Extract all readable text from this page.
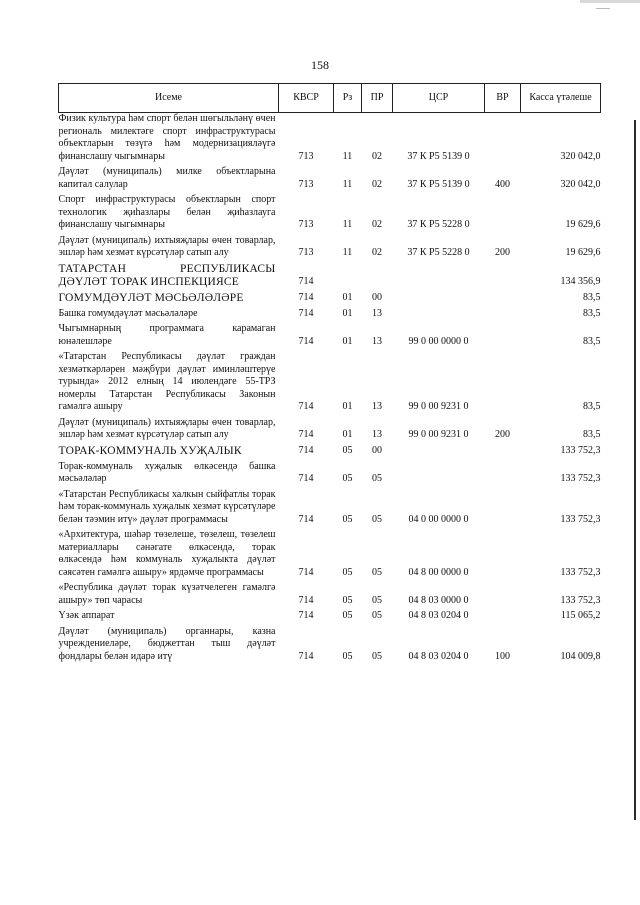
158
Исеме	КВСР	Рз	ПР	ЦСР	ВР	Касса үтәлеше
Физик культура һәм спорт белән шөгыльләнү өчен региональ милектәге спорт инфраструктурасы объектларын төзүгә һәм модернизацияләүгә финанслашу чыгымнары	713	11	02	37 К Р5 5139 0		320 042,0
Дәүләт (муниципаль) милке объектларына капитал салулар	713	11	02	37 К Р5 5139 0	400	320 042,0
Спорт инфраструктурасы объектларын спорт технологик җиһазлары белән җиһазлауга финанслашу чыгымнары	713	11	02	37 К Р5 5228 0		19 629,6
Дәүләт (муниципаль) ихтыяҗлары өчен товарлар, эшләр һәм хезмәт күрсәтүләр сатып алу	713	11	02	37 К Р5 5228 0	200	19 629,6
ТАТАРСТАН РЕСПУБЛИКАСЫ ДӘҮЛӘТ ТОРАК ИНСПЕКЦИЯСЕ	714					134 356,9
ГОМУМДӘҮЛӘТ МӘСЬӘЛӘЛӘРЕ	714	01	00			83,5
Башка гомумдәүләт мәсьәләләре	714	01	13			83,5
Чыгымнарның программага карамаган юнәлешләре	714	01	13	99 0 00 0000 0		83,5
«Татарстан Республикасы дәүләт граждан хезмәткәрләрен мәҗбүри дәүләт иминләштерүе турында» 2012 елның 14 июлендәге 55-ТРЗ номерлы Татарстан Республикасы Законын гамәлгә ашыру	714	01	13	99 0 00 9231 0		83,5
Дәүләт (муниципаль) ихтыяҗлары өчен товарлар, эшләр һәм хезмәт күрсәтүләр сатып алу	714	01	13	99 0 00 9231 0	200	83,5
ТОРАК-КОММУНАЛЬ ХУҖАЛЫК	714	05	00			133 752,3
Торак-коммуналь хуҗалык өлкәсендә башка мәсьәләләр	714	05	05			133 752,3
«Татарстан Республикасы халкын сыйфатлы торак һәм торак-коммуналь хуҗалык хезмәт күрсәтүләре белән тәэмин итү» дәүләт программасы	714	05	05	04 0 00 0000 0		133 752,3
«Архитектура, шәһәр төзелеше, төзелеш, төзелеш материаллары сәнәгате өлкәсендә, торак өлкәсендә һәм коммуналь хуҗалыкта дәүләт сәясәтен гамәлгә ашыру» ярдәмче программасы	714	05	05	04 8 00 0000 0		133 752,3
«Республика дәүләт торак күзәтчелеген гамәлгә ашыру» төп чарасы	714	05	05	04 8 03 0000 0		133 752,3
Үзәк аппарат	714	05	05	04 8 03 0204 0		115 065,2
Дәүләт (муниципаль) органнары, казна учреждениеләре, бюджеттан тыш дәүләт фондлары белән идарә итү	714	05	05	04 8 03 0204 0	100	104 009,8
